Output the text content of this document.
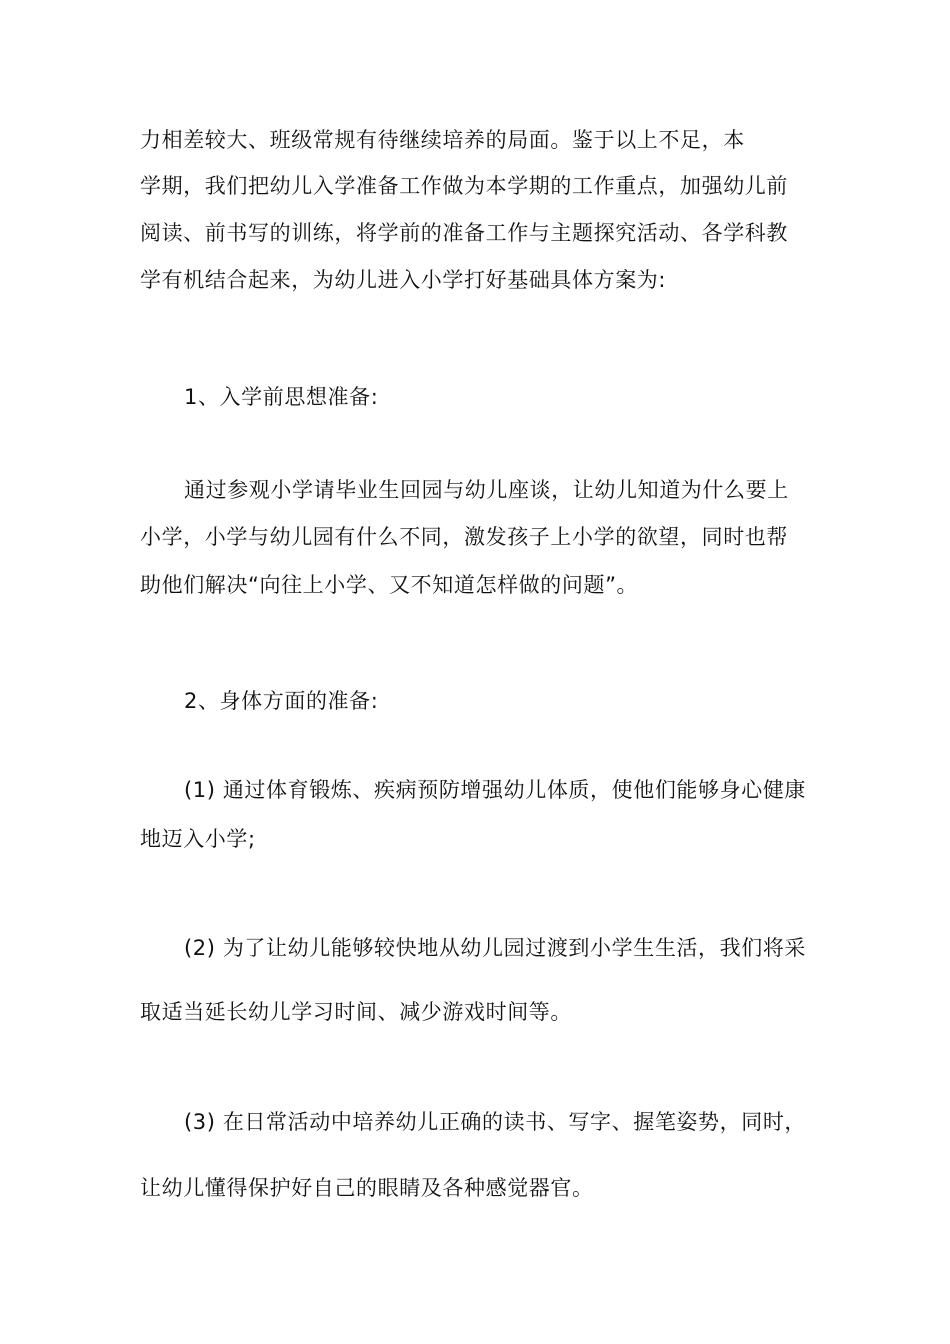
力相差较大、班级常规有待继续培养的局面。鉴于以上不足，本
学期，我们把幼儿入学准备工作做为本学期的工作重点，加强幼儿前
阅读、前书写的训练，将学前的准备工作与主题探究活动、各学科教
学有机结合起来，为幼儿进入小学打好基础具体方案为:
1、入学前思想准备:
通过参观小学请毕业生回园与幼儿座谈，让幼儿知道为什么要上
小学，小学与幼儿园有什么不同，激发孩子上小学的欲望，同时也帮
助他们解决“向往上小学、又不知道怎样做的问题”。
2、身体方面的准备:
(1) 通过体育锻炼、疾病预防增强幼儿体质，使他们能够身心健康
地迈入小学;
(2) 为了让幼儿能够较快地从幼儿园过渡到小学生生活，我们将采
取适当延长幼儿学习时间、减少游戏时间等。
(3) 在日常活动中培养幼儿正确的读书、写字、握笔姿势，同时，
让幼儿懂得保护好自己的眼睛及各种感觉器官。
